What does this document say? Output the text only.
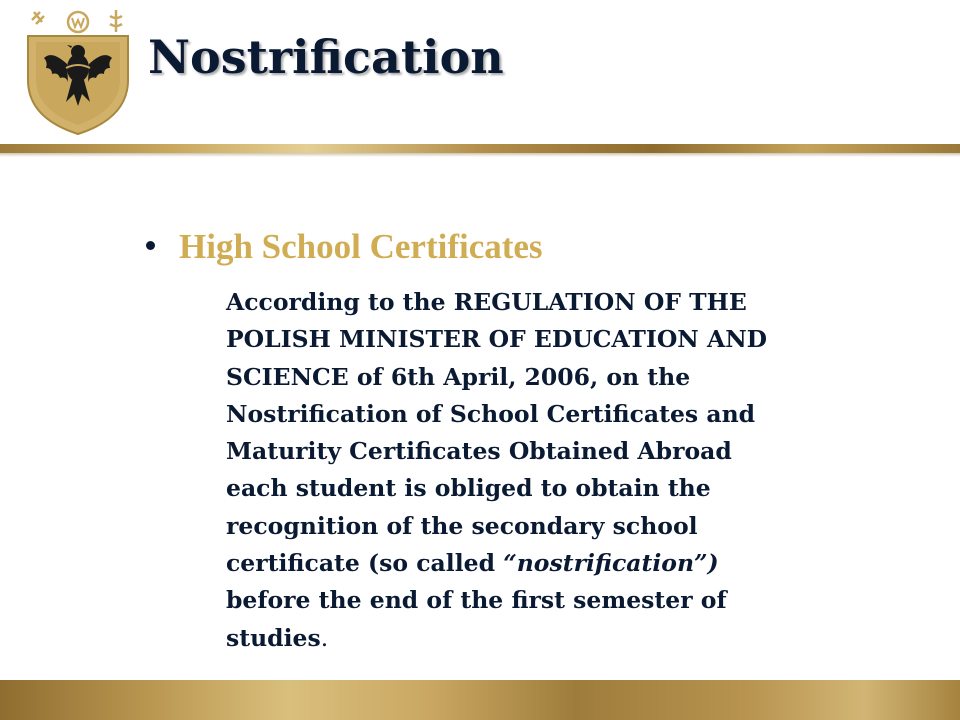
Nostrification
High School Certificates
According to the REGULATION OF THE
POLISH MINISTER OF EDUCATION AND
SCIENCE of 6th April, 2006, on the
Nostrification of School Certificates and
Maturity Certificates Obtained Abroad
each student is obliged to obtain the
recognition of the secondary school
certificate (so called “nostrification”)
before the end of the first semester of
studies.
